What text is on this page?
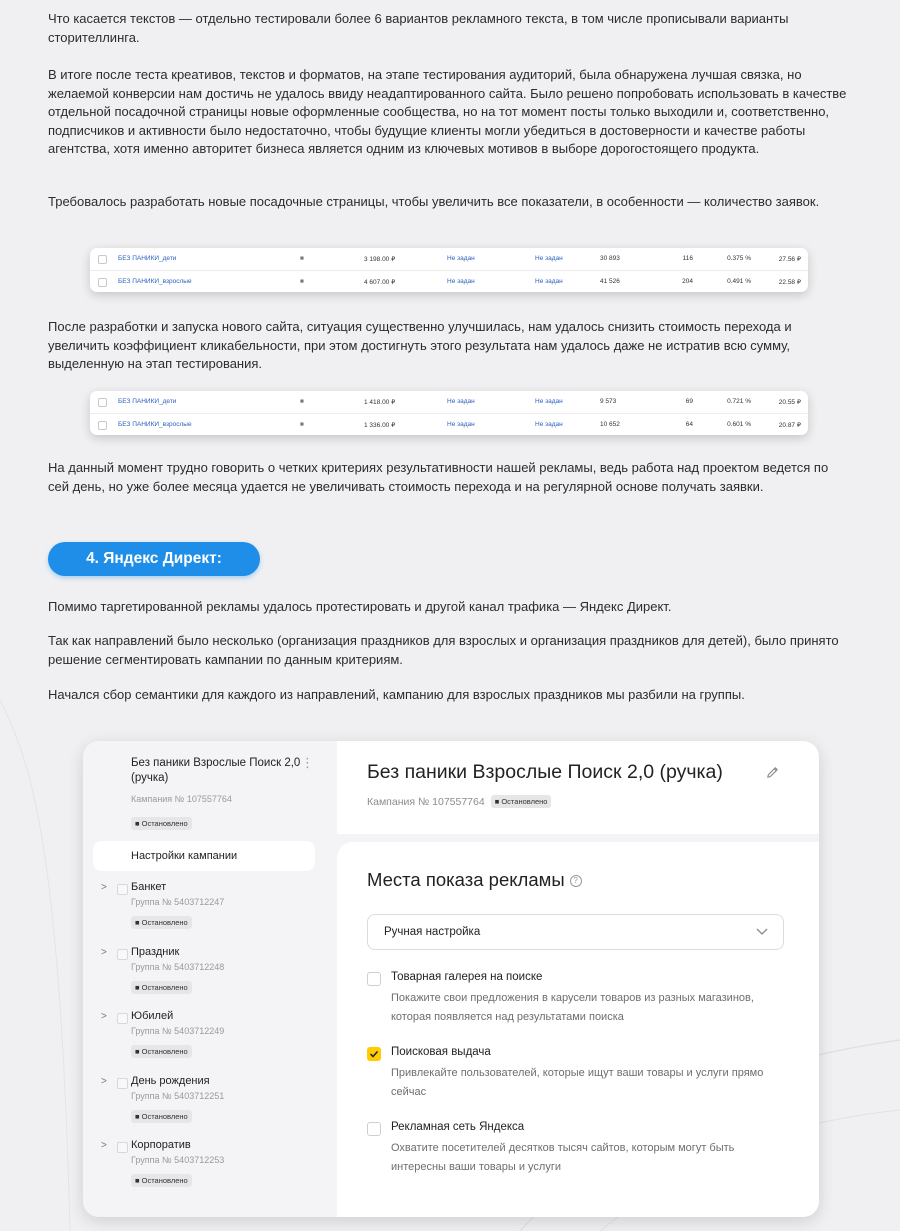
Что касается текстов — отдельно тестировали более 6 вариантов рекламного текста, в том числе прописывали варианты сторителлинга.

В итоге после теста креативов, текстов и форматов, на этапе тестирования аудиторий, была обнаружена лучшая связка, но желаемой конверсии нам достичь не удалось ввиду неадаптированного сайта. Было решено попробовать использовать в качестве отдельной посадочной страницы новые оформленные сообщества, но на тот момент посты только выходили и, соответственно, подписчиков и активности было недостаточно, чтобы будущие клиенты могли убедиться в достоверности и качестве работы агентства, хотя именно авторитет бизнеса является одним из ключевых мотивов в выборе дорогостоящего продукта.

Требовалось разработать новые посадочные страницы, чтобы увеличить все показатели, в особенности — количество заявок.

БЕЗ ПАНИКИ_дети	■	3 198.00 ₽	Не задан	Не задан	30 893	116	0.375 %	27.56 ₽
БЕЗ ПАНИКИ_взрослые	■	4 607.00 ₽	Не задан	Не задан	41 526	204	0.491 %	22.58 ₽

После разработки и запуска нового сайта, ситуация существенно улучшилась, нам удалось снизить стоимость перехода и увеличить коэффициент кликабельности, при этом достигнуть этого результата нам удалось даже не истратив всю сумму, выделенную на этап тестирования.

БЕЗ ПАНИКИ_дети	■	1 418.00 ₽	Не задан	Не задан	9 573	69	0.721 %	20.55 ₽
БЕЗ ПАНИКИ_взрослые	■	1 336.00 ₽	Не задан	Не задан	10 652	64	0.601 %	20.87 ₽

На данный момент трудно говорить о четких критериях результативности нашей рекламы, ведь работа над проектом ведется по сей день, но уже более месяца удается не увеличивать стоимость перехода и на регулярной основе получать заявки.

4. Яндекс Директ:

Помимо таргетированной рекламы удалось протестировать и другой канал трафика — Яндекс Директ.

Так как направлений было несколько (организация праздников для взрослых и организация праздников для детей), было принято решение сегментировать кампании по данным критериям.

Начался сбор семантики для каждого из направлений, кампанию для взрослых праздников мы разбили на группы.

Без паники Взрослые Поиск 2,0 (ручка)
⋮
Кампания № 107557764
■ Остановлено
Настройки кампании
> Банкет
Группа № 5403712247
■ Остановлено
> Праздник
Группа № 5403712248
■ Остановлено
> Юбилей
Группа № 5403712249
■ Остановлено
> День рождения
Группа № 5403712251
■ Остановлено
> Корпоратив
Группа № 5403712253
■ Остановлено
Без паники Взрослые Поиск 2,0 (ручка)
Кампания № 107557764 ■ Остановлено
Места показа рекламы ?
Ручная настройка
Товарная галерея на поиске
Покажите свои предложения в карусели товаров из разных магазинов, которая появляется над результатами поиска
Поисковая выдача
Привлекайте пользователей, которые ищут ваши товары и услуги прямо сейчас
Рекламная сеть Яндекса
Охватите посетителей десятков тысяч сайтов, которым могут быть интересны ваши товары и услуги
